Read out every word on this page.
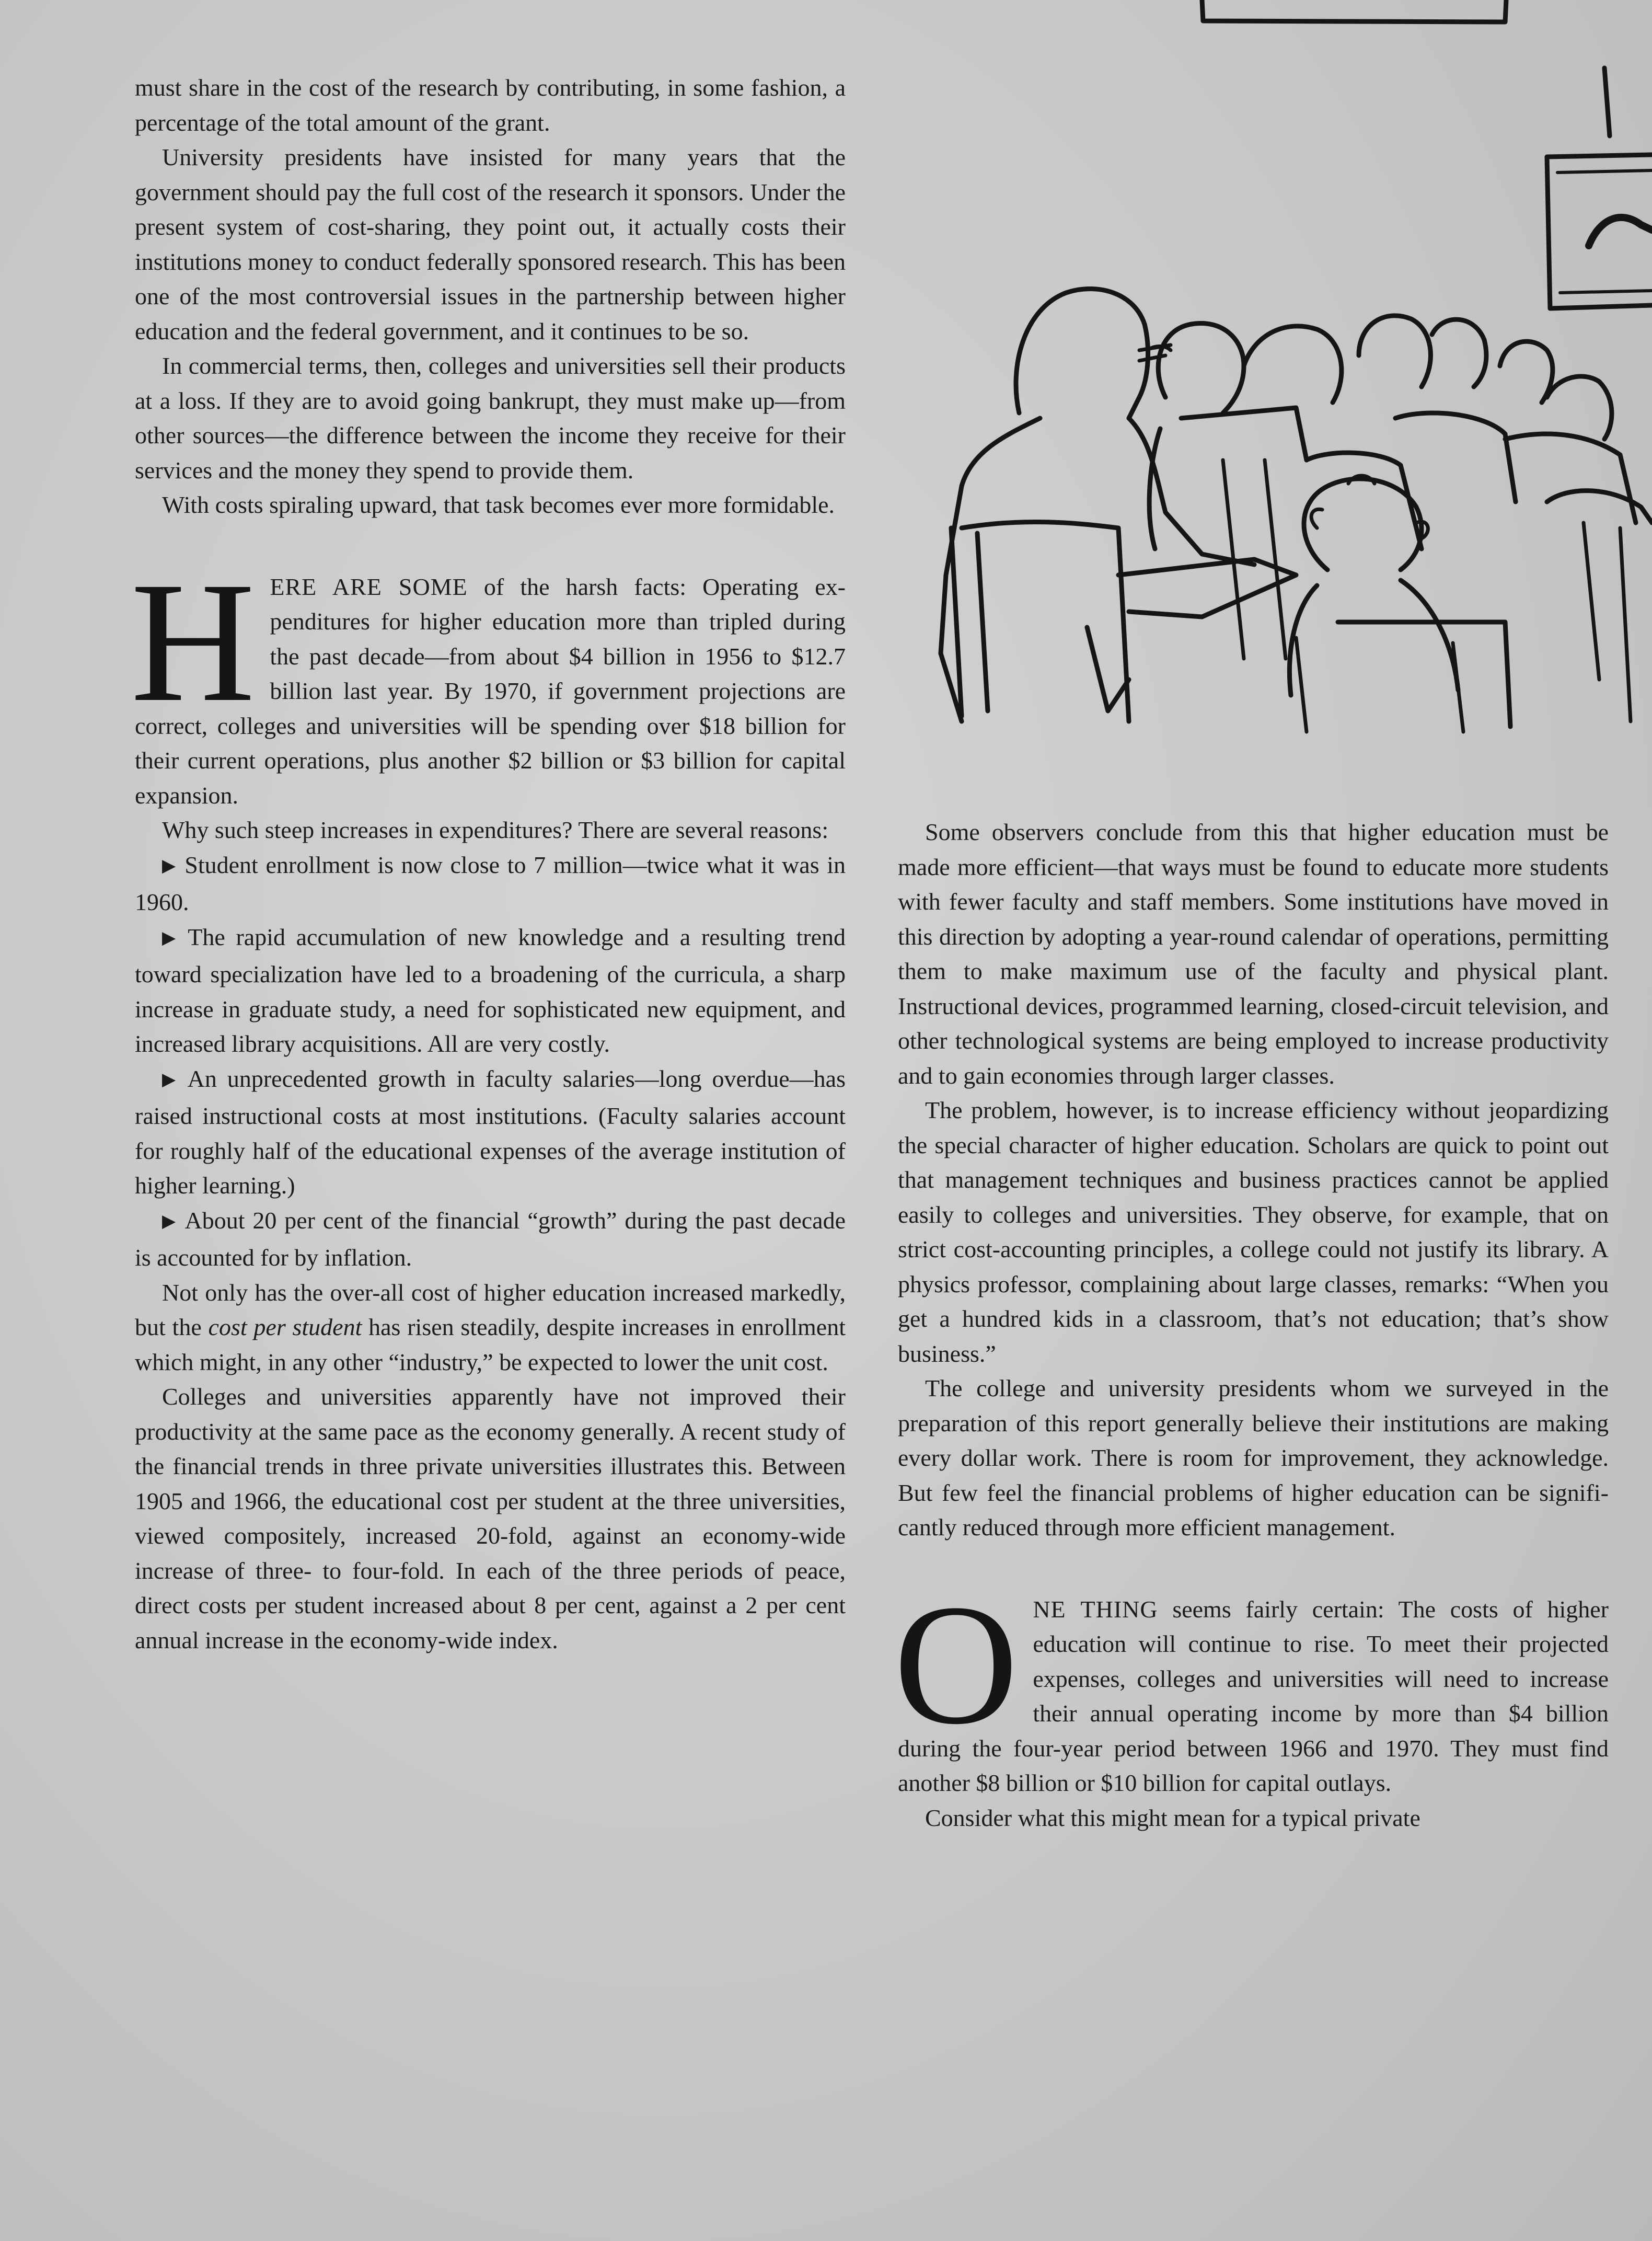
must share in the cost of the research by contributing, in some fashion, a percentage of the total amount of the grant.

University presidents have insisted for many years that the government should pay the full cost of the research it sponsors. Under the present system of cost-sharing, they point out, it actually costs their institutions money to conduct federally sponsored research. This has been one of the most controversial issues in the partnership between higher education and the federal government, and it continues to be so.

In commercial terms, then, colleges and universities sell their products at a loss. If they are to avoid going bankrupt, they must make up—from other sources—the difference between the income they receive for their services and the money they spend to provide them.

With costs spiraling upward, that task becomes ever more formidable.

HERE ARE SOME of the harsh facts: Operating expenditures for higher education more than tripled during the past decade—from about $4 billion in 1956 to $12.7 billion last year. By 1970, if government projections are correct, colleges and universities will be spending over $18 billion for their current operations, plus another $2 billion or $3 billion for capital expansion.

Why such steep increases in expenditures? There are several reasons:

▶ Student enrollment is now close to 7 million—twice what it was in 1960.

▶ The rapid accumulation of new knowledge and a resulting trend toward specialization have led to a broadening of the curricula, a sharp increase in graduate study, a need for sophisticated new equipment, and increased library acquisitions. All are very costly.

▶ An unprecedented growth in faculty salaries—long overdue—has raised instructional costs at most institutions. (Faculty salaries account for roughly half of the educational expenses of the average institution of higher learning.)

▶ About 20 per cent of the financial “growth” during the past decade is accounted for by inflation.

Not only has the over-all cost of higher education increased markedly, but the cost per student has risen steadily, despite increases in enrollment which might, in any other “industry,” be expected to lower the unit cost.

Colleges and universities apparently have not improved their productivity at the same pace as the economy generally. A recent study of the financial trends in three private universities illustrates this. Between 1905 and 1966, the educational cost per student at the three universities, viewed compositely, increased 20-fold, against an economy-wide increase of three- to four-fold. In each of the three periods of peace, direct costs per student increased about 8 per cent, against a 2 per cent annual increase in the economy-wide index.

Some observers conclude from this that higher education must be made more efficient—that ways must be found to educate more students with fewer faculty and staff members. Some institutions have moved in this direction by adopting a year-round calendar of operations, permitting them to make maximum use of the faculty and physical plant. Instructional devices, programmed learning, closed-circuit television, and other technological systems are being employed to increase productivity and to gain economies through larger classes.

The problem, however, is to increase efficiency without jeopardizing the special character of higher education. Scholars are quick to point out that management techniques and business practices cannot be applied easily to colleges and universities. They observe, for example, that on strict cost-accounting principles, a college could not justify its library. A physics professor, complaining about large classes, remarks: “When you get a hundred kids in a classroom, that’s not education; that’s show business.”

The college and university presidents whom we surveyed in the preparation of this report generally believe their institutions are making every dollar work. There is room for improvement, they acknowledge. But few feel the financial problems of higher education can be significantly reduced through more efficient management.

ONE THING seems fairly certain: The costs of higher education will continue to rise. To meet their projected expenses, colleges and universities will need to increase their annual operating income by more than $4 billion during the four-year period between 1966 and 1970. They must find another $8 billion or $10 billion for capital outlays.

Consider what this might mean for a typical private
